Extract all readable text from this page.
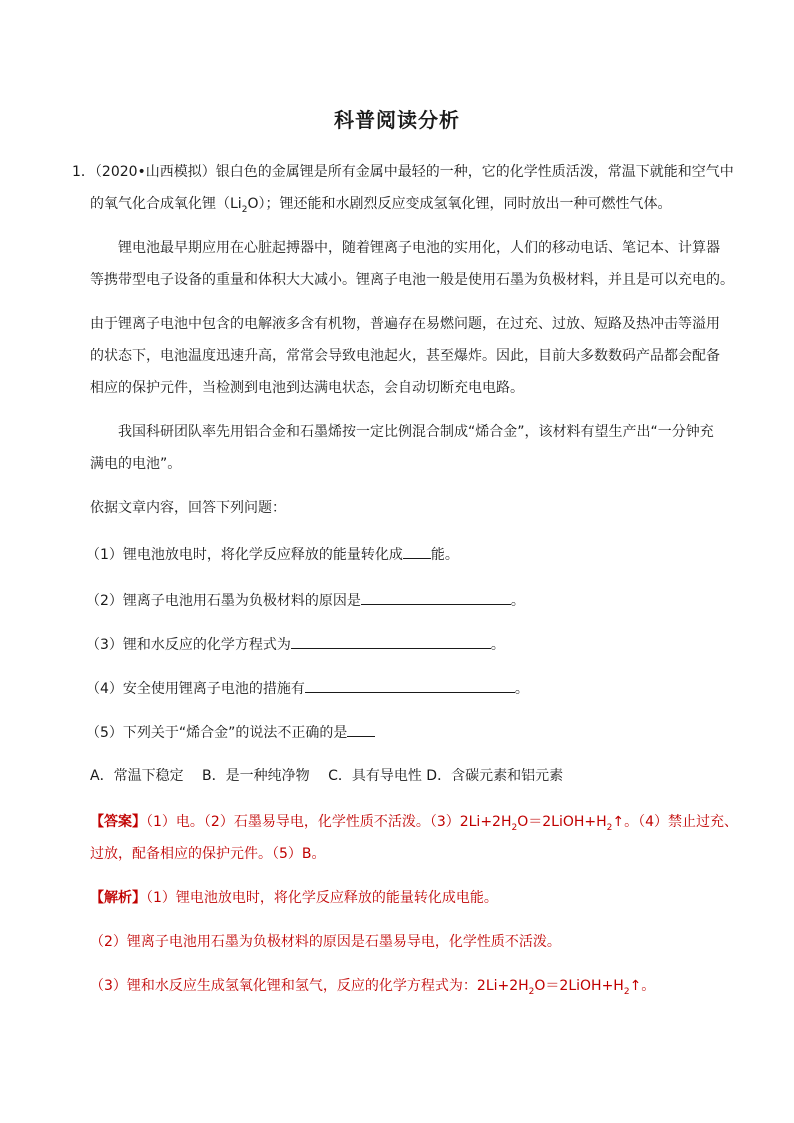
科普阅读分析
1．（2020•山西模拟）银白色的金属锂是所有金属中最轻的一种，它的化学性质活泼，常温下就能和空气中
的氧气化合成氧化锂$(Li_2O)$；锂还能和水剧烈反应变成氢氧化锂，同时放出一种可燃性气体。
锂电池最早期应用在心脏起搏器中，随着锂离子电池的实用化，人们的移动电话、笔记本、计算器
等携带型电子设备的重量和体积大大减小。锂离子电池一般是使用石墨为负极材料，并且是可以充电的。
由于锂离子电池中包含的电解液多含有机物，普遍存在易燃问题，在过充、过放、短路及热冲击等溢用
的状态下，电池温度迅速升高，常常会导致电池起火，甚至爆炸。因此，目前大多数数码产品都会配备
相应的保护元件，当检测到电池到达满电状态，会自动切断充电电路。
我国科研团队率先用铝合金和石墨烯按一定比例混合制成“烯合金”，该材料有望生产出“一分钟充
满电的电池”。
依据文章内容，回答下列问题：
（1）锂电池放电时，将化学反应释放的能量转化成 能。
（2）锂离子电池用石墨为负极材料的原因是	。
（3）锂和水反应的化学方程式为	。
（4）安全使用锂离子电池的措施有	。
（5）下列关于“烯合金”的说法不正确的是
A．常温下稳定　 B．是一种纯净物　 C．具有导电性 D．含碳元素和铝元素
【答案】（1）电。（2）石墨易导电，化学性质不活泼。$(3)2Li+2H_2O=2LiOH+H_2↑$。（4）禁止过充、
过放，配备相应的保护元件。（5）B。
【解析】（1）锂电池放电时，将化学反应释放的能量转化成电能。
（2）锂离子电池用石墨为负极材料的原因是石墨易导电，化学性质不活泼。
（3）锂和水反应生成氢氧化锂和氢气，反应的化学方程式为：$2Li+2H_2O=2LiOH+H_2↑$。
